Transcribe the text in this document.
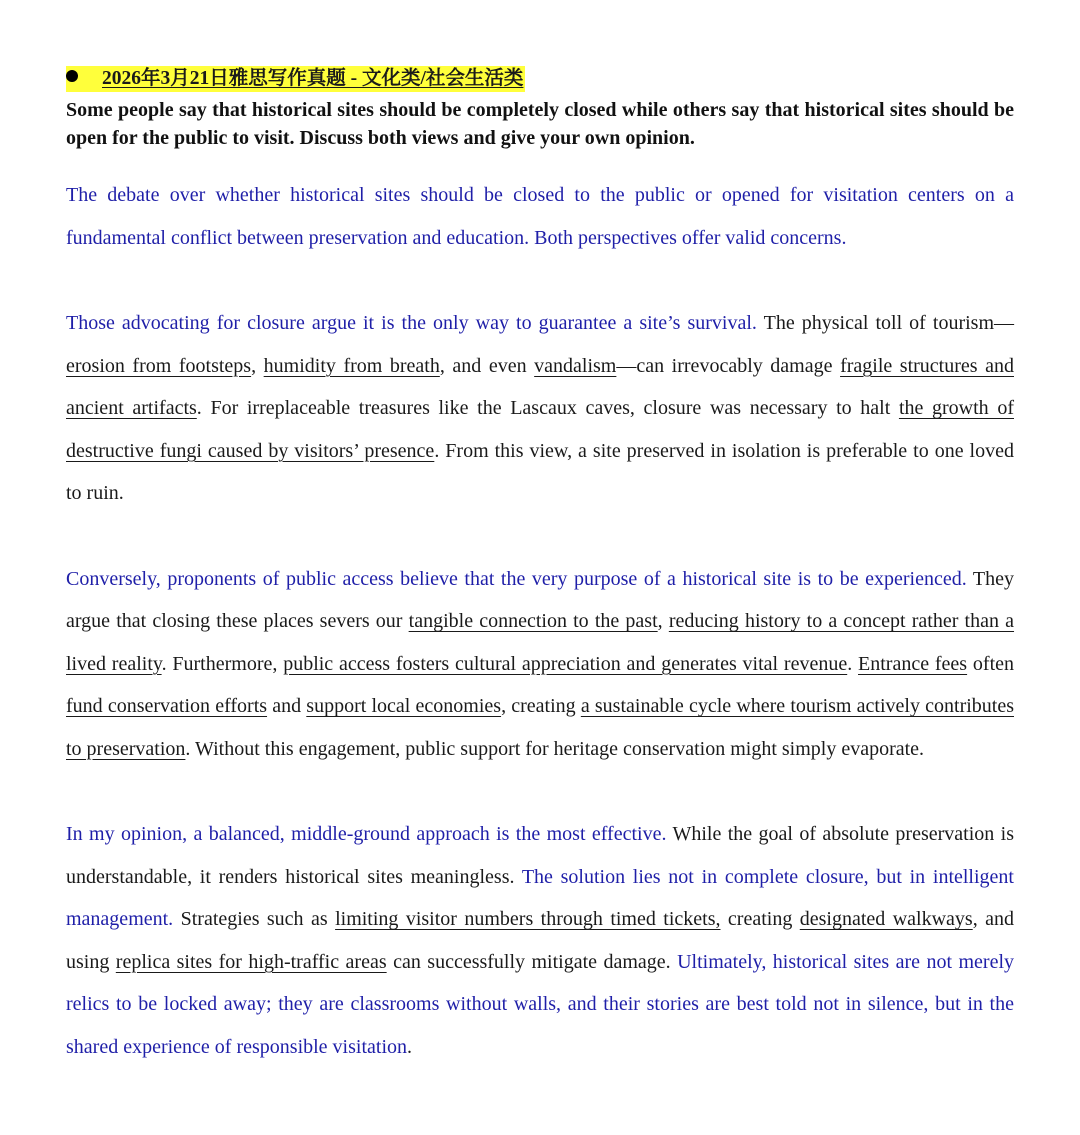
2026年3月21日雅思写作真题 - 文化类/社会生活类

Some people say that historical sites should be completely closed while others say that historical sites should be open for the public to visit. Discuss both views and give your own opinion.

The debate over whether historical sites should be closed to the public or opened for visitation centers on a fundamental conflict between preservation and education. Both perspectives offer valid concerns.

Those advocating for closure argue it is the only way to guarantee a site’s survival. The physical toll of tourism—erosion from footsteps, humidity from breath, and even vandalism—can irrevocably damage fragile structures and ancient artifacts. For irreplaceable treasures like the Lascaux caves, closure was necessary to halt the growth of destructive fungi caused by visitors’ presence. From this view, a site preserved in isolation is preferable to one loved to ruin.

Conversely, proponents of public access believe that the very purpose of a historical site is to be experienced. They argue that closing these places severs our tangible connection to the past, reducing history to a concept rather than a lived reality. Furthermore, public access fosters cultural appreciation and generates vital revenue. Entrance fees often fund conservation efforts and support local economies, creating a sustainable cycle where tourism actively contributes to preservation. Without this engagement, public support for heritage conservation might simply evaporate.

In my opinion, a balanced, middle-ground approach is the most effective. While the goal of absolute preservation is understandable, it renders historical sites meaningless. The solution lies not in complete closure, but in intelligent management. Strategies such as limiting visitor numbers through timed tickets, creating designated walkways, and using replica sites for high-traffic areas can successfully mitigate damage. Ultimately, historical sites are not merely relics to be locked away; they are classrooms without walls, and their stories are best told not in silence, but in the shared experience of responsible visitation.
